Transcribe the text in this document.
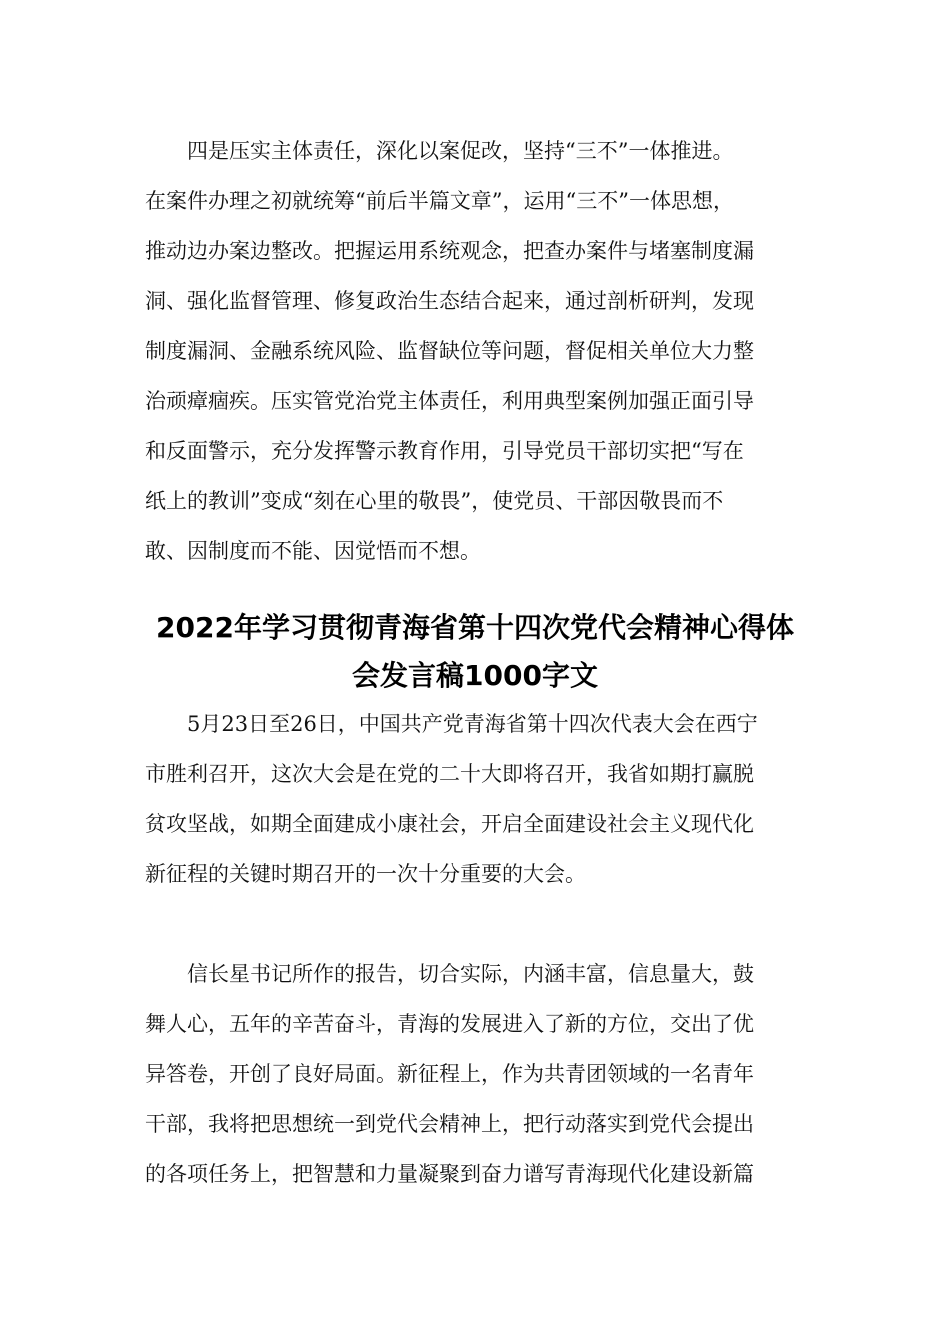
四是压实主体责任，深化以案促改，坚持“三不”一体推进。
在案件办理之初就统筹“前后半篇文章”，运用“三不”一体思想，
推动边办案边整改。把握运用系统观念，把查办案件与堵塞制度漏
洞、强化监督管理、修复政治生态结合起来，通过剖析研判，发现
制度漏洞、金融系统风险、监督缺位等问题，督促相关单位大力整
治顽瘴痼疾。压实管党治党主体责任，利用典型案例加强正面引导
和反面警示，充分发挥警示教育作用，引导党员干部切实把“写在
纸上的教训”变成“刻在心里的敬畏”，使党员、干部因敬畏而不
敢、因制度而不能、因觉悟而不想。
2022年学习贯彻青海省第十四次党代会精神心得体
会发言稿1000字文
5月23日至26日，中国共产党青海省第十四次代表大会在西宁
市胜利召开，这次大会是在党的二十大即将召开，我省如期打赢脱
贫攻坚战，如期全面建成小康社会，开启全面建设社会主义现代化
新征程的关键时期召开的一次十分重要的大会。
信长星书记所作的报告，切合实际，内涵丰富，信息量大，鼓
舞人心，五年的辛苦奋斗，青海的发展进入了新的方位，交出了优
异答卷，开创了良好局面。新征程上，作为共青团领域的一名青年
干部，我将把思想统一到党代会精神上，把行动落实到党代会提出
的各项任务上，把智慧和力量凝聚到奋力谱写青海现代化建设新篇
